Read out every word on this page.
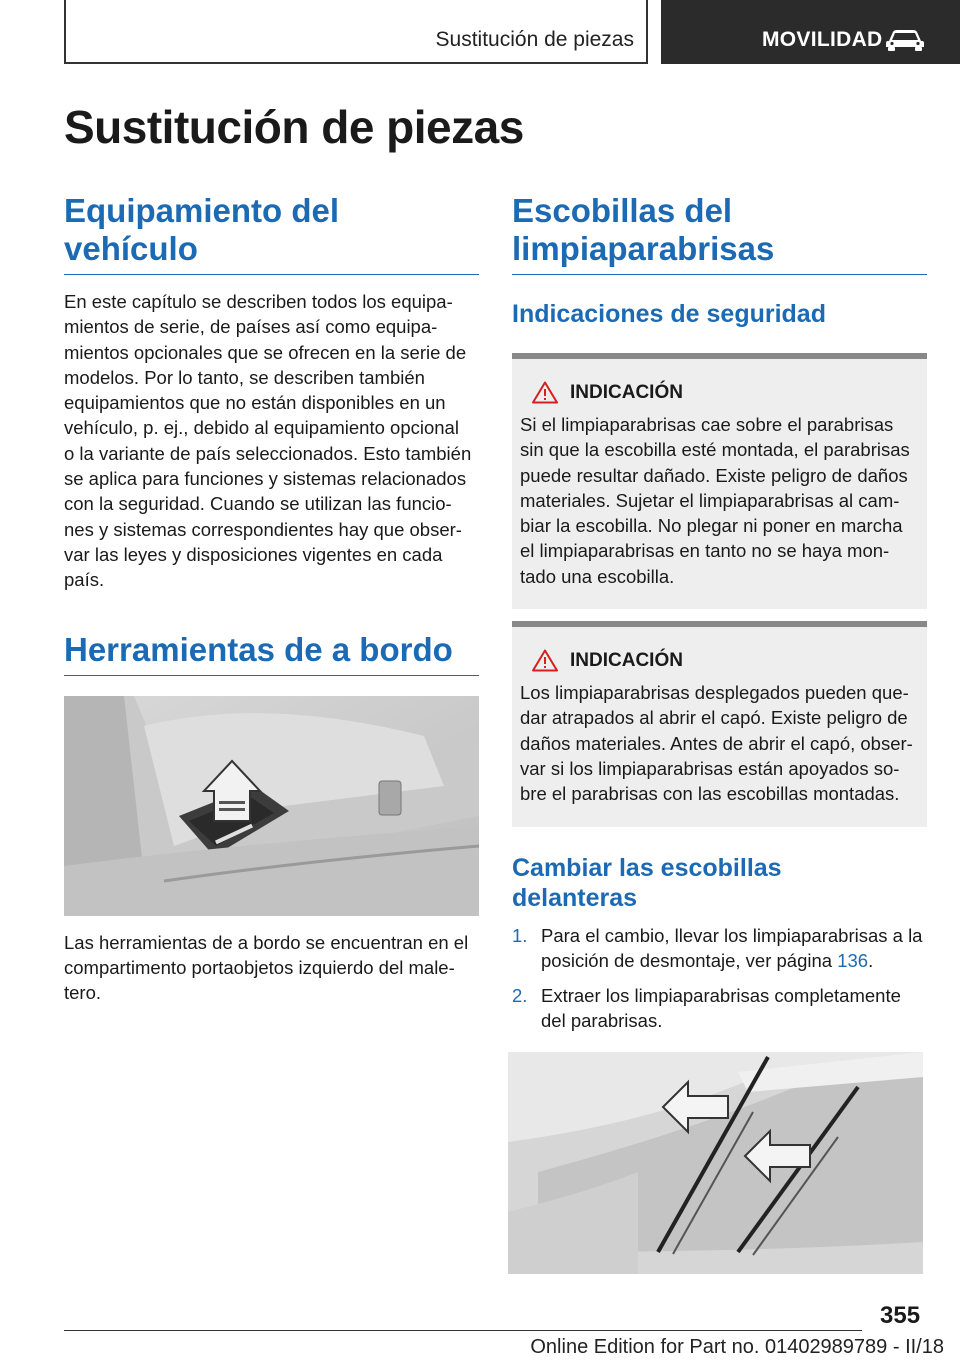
Sustitución de piezas	MOVILIDAD
Sustitución de piezas
Equipamiento del vehículo

En este capítulo se describen todos los equipa‐
mientos de serie, de países así como equipa‐
mientos opcionales que se ofrecen en la serie de
modelos. Por lo tanto, se describen también
equipamientos que no están disponibles en un
vehículo, p. ej., debido al equipamiento opcional
o la variante de país seleccionados. Esto también
se aplica para funciones y sistemas relacionados
con la seguridad. Cuando se utilizan las funcio‐
nes y sistemas correspondientes hay que obser‐
var las leyes y disposiciones vigentes en cada
país.

Herramientas de a bordo

Las herramientas de a bordo se encuentran en el
compartimento portaobjetos izquierdo del male‐
tero.

Escobillas del limpiaparabrisas
Indicaciones de seguridad
INDICACIÓN

Si el limpiaparabrisas cae sobre el parabrisas
sin que la escobilla esté montada, el parabrisas
puede resultar dañado. Existe peligro de daños
materiales. Sujetar el limpiaparabrisas al cam‐
biar la escobilla. No plegar ni poner en marcha
el limpiaparabrisas en tanto no se haya mon‐
tado una escobilla.

INDICACIÓN

Los limpiaparabrisas desplegados pueden que‐
dar atrapados al abrir el capó. Existe peligro de
daños materiales. Antes de abrir el capó, obser‐
var si los limpiaparabrisas están apoyados so‐
bre el parabrisas con las escobillas montadas.

Cambiar las escobillas delanteras
1. Para el cambio, llevar los limpiaparabrisas a la posición de desmontaje, ver página 136.
2. Extraer los limpiaparabrisas completamente del parabrisas.
355
Online Edition for Part no. 01402989789 - II/18
